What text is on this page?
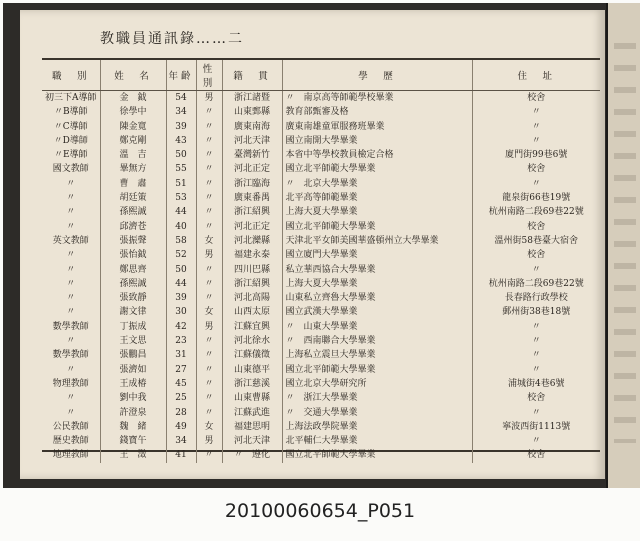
教職員通訊錄……二
職　別	姓　名	年齡	性別	籍　貫	學　歷	住　址
初三下A導師	金　鉞	54	男	浙江諸暨	〃　南京高等師範學校畢業	校舍
〃B導師	徐學中	34	〃	山東鄄縣	教育部甄審及格	〃
〃C導師	陳金寬	39	〃	廣東南海	廣東南雄童軍服務班畢業	〃
〃D導師	鄭克剛	43	〃	河北天津	國立南開大學畢業	〃
〃E導師	溫　吉	50	〃	臺灣新竹	本省中等學校教員檢定合格	廈門街99巷6號
國文教師	畢無方	55	〃	河北正定	國立北平師範大學畢業	校舍
〃	曹　肅	51	〃	浙江臨海	〃　北京大學畢業	〃
〃	胡廷策	53	〃	廣東番禺	北平高等師範畢業	龍泉街66巷19號
〃	孫熙誠	44	〃	浙江紹興	上海大夏大學畢業	杭州南路二段69巷22號
〃	邱濟苍	40	〃	河北正定	國立北平師範大學畢業	校舍
英文教師	張振聲	58	女	河北灤縣	天津北平女師美國華盛頓州立大學畢業	溫州街58巷臺大宿舍
〃	張怡鉞	52	男	福建永泰	國立廈門大學畢業	校舍
〃	鄭思齊	50	〃	四川巴縣	私立華西協合大學畢業	〃
〃	孫熙誠	44	〃	浙江紹興	上海大夏大學畢業	杭州南路二段69巷22號
〃	張致靜	39	〃	河北高陽	山東私立齊魯大學畢業	長春路行政學校
〃	謝文律	30	女	山西太原	國立武漢大學畢業	郵州街38巷18號
數學教師	丁振成	42	男	江蘇宜興	〃　山東大學畢業	〃
〃	王文思	23	〃	河北徐水	〃　西南聯合大學畢業	〃
數學教師	張鵬昌	31	〃	江蘇儀徵	上海私立震旦大學畢業	〃
〃	張濟如	27	〃	山東德平	國立北平師範大學畢業	〃
物理教師	王成椿	45	〃	浙江慈溪	國立北京大學研究所	浦城街4巷6號
〃	劉中我	25	〃	山東曹縣	〃　浙江大學畢業	校舍
〃	許澄泉	28	〃	江蘇武進	〃　交通大學畢業	〃
公民教師	魏　緒	49	女	福建思明	上海法政學院畢業	寧波西街1113號
歷史教師	錢寶午	34	男	河北天津	北平輔仁大學畢業	〃
地理教師	王　澂	41	〃	〃　遵化	國立北平師範大學畢業	校舍
20100060654_P051
